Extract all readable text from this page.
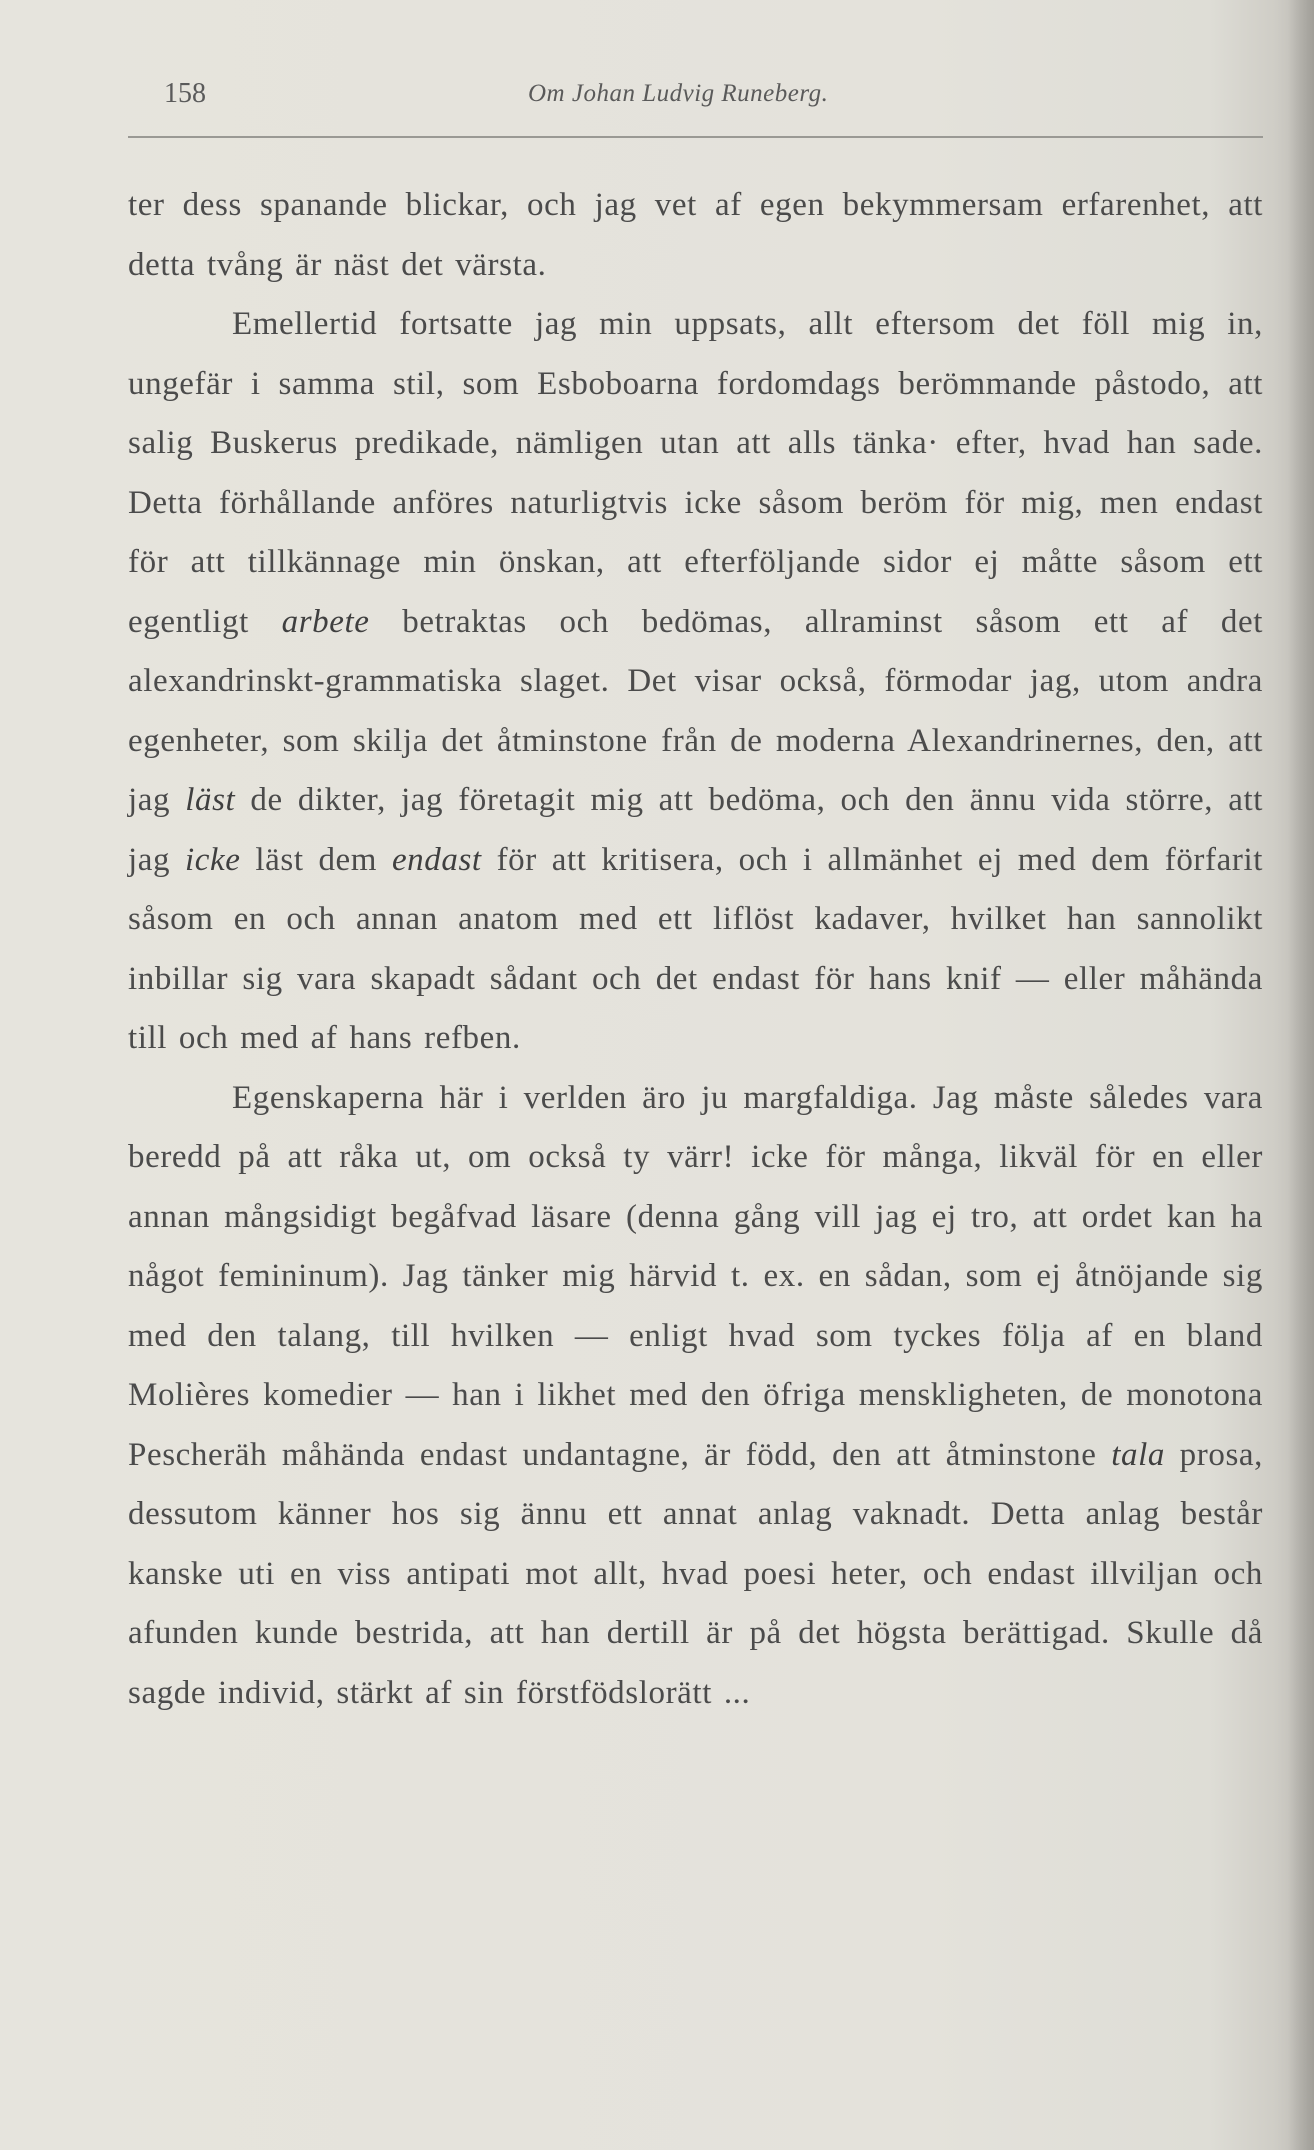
158	Om Johan Ludvig Runeberg.

ter dess spanande blickar, och jag vet af egen bekymmersam erfarenhet, att detta tvång är näst det värsta.

Emellertid fortsatte jag min uppsats, allt eftersom det föll mig in, ungefär i samma stil, som Esboboarna fordomdags berömmande påstodo, att salig Buskerus predikade, nämligen utan att alls tänka· efter, hvad han sade. Detta förhållande anföres naturligtvis icke såsom beröm för mig, men endast för att tillkännage min önskan, att efterföljande sidor ej måtte såsom ett egentligt arbete betraktas och bedömas, allraminst såsom ett af det alexandrinskt-grammatiska slaget. Det visar också, förmodar jag, utom andra egenheter, som skilja det åtminstone från de moderna Alexandrinernes, den, att jag läst de dikter, jag företagit mig att bedöma, och den ännu vida större, att jag icke läst dem endast för att kritisera, och i allmänhet ej med dem förfarit såsom en och annan anatom med ett liflöst kadaver, hvilket han sannolikt inbillar sig vara skapadt sådant och det endast för hans knif — eller måhända till och med af hans refben.

Egenskaperna här i verlden äro ju margfaldiga. Jag måste således vara beredd på att råka ut, om också ty värr! icke för många, likväl för en eller annan mångsidigt begåfvad läsare (denna gång vill jag ej tro, att ordet kan ha något femininum). Jag tänker mig härvid t. ex. en sådan, som ej åtnöjande sig med den talang, till hvilken — enligt hvad som tyckes följa af en bland Molières komedier — han i likhet med den öfriga menskligheten, de monotona Pescheräh måhända endast undantagne, är född, den att åtminstone tala prosa, dessutom känner hos sig ännu ett annat anlag vaknadt. Detta anlag består kanske uti en viss antipati mot allt, hvad poesi heter, och endast illviljan och afunden kunde bestrida, att han dertill är på det högsta berättigad. Skulle då sagde individ, stärkt af sin förstfödslorätt ...
